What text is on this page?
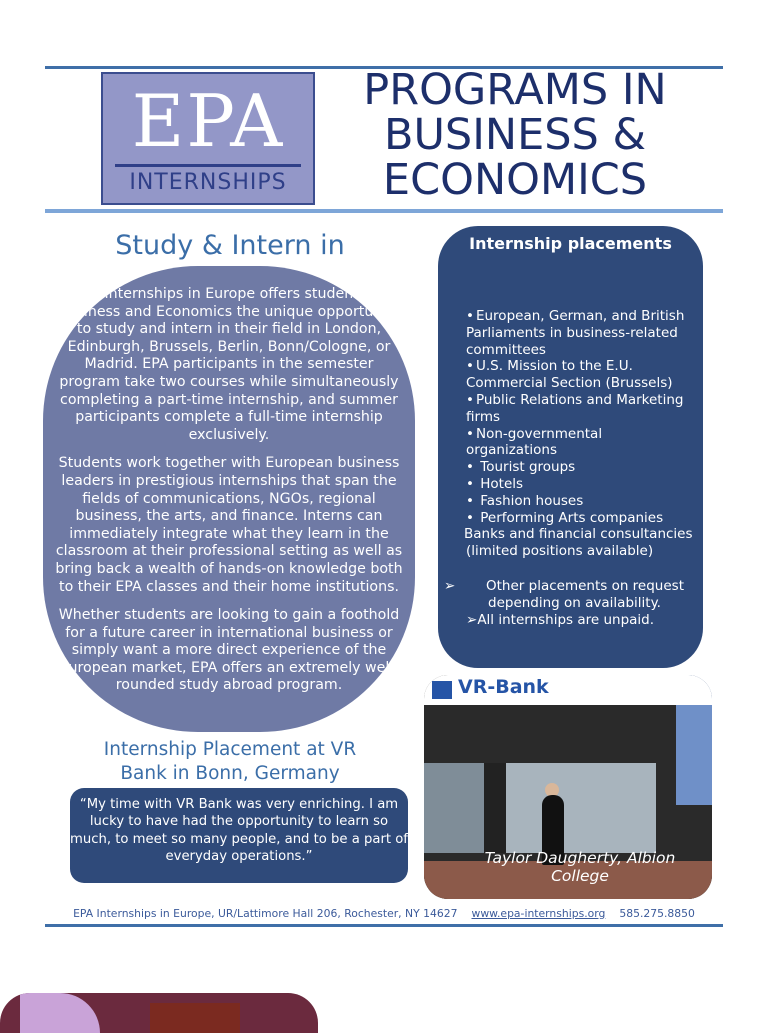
EPA
INTERNSHIPS
PROGRAMS IN
BUSINESS &
ECONOMICS
Study & Intern in

EPA Internships in Europe offers students of Business and Economics the unique opportunity to study and intern in their field in London, Edinburgh, Brussels, Berlin, Bonn/Cologne, or Madrid. EPA participants in the semester program take two courses while simultaneously completing a part-time internship, and summer participants complete a full-time internship exclusively.

Students work together with European business leaders in prestigious internships that span the fields of communications, NGOs, regional business, the arts, and finance. Interns can immediately integrate what they learn in the classroom at their professional setting as well as bring back a wealth of hands-on knowledge both to their EPA classes and their home institutions.

Whether students are looking to gain a foothold for a future career in international business or simply want a more direct experience of the European market, EPA offers an extremely well-rounded study abroad program.

Internship Placement at VR
Bank in Bonn, Germany
“My time with VR Bank was very enriching. I am lucky to have had the opportunity to learn so much, to meet so many people, and to be a part of everyday operations.”
Internship placements
• European, German, and British Parliaments in business-related committees
• U.S. Mission to the E.U. Commercial Section (Brussels)
• Public Relations and Marketing firms
• Non-governmental organizations
• Tourist groups
• Hotels
• Fashion houses
• Performing Arts companies
•	Banks and financial consultancies (limited positions available)
➢ Other placements on request depending on availability.
➢All internships are unpaid.
VR-Bank
Taylor Daugherty, Albion College
EPA Internships in Europe, UR/Lattimore Hall 206, Rochester, NY 14627 www.epa-internships.org 585.275.8850
